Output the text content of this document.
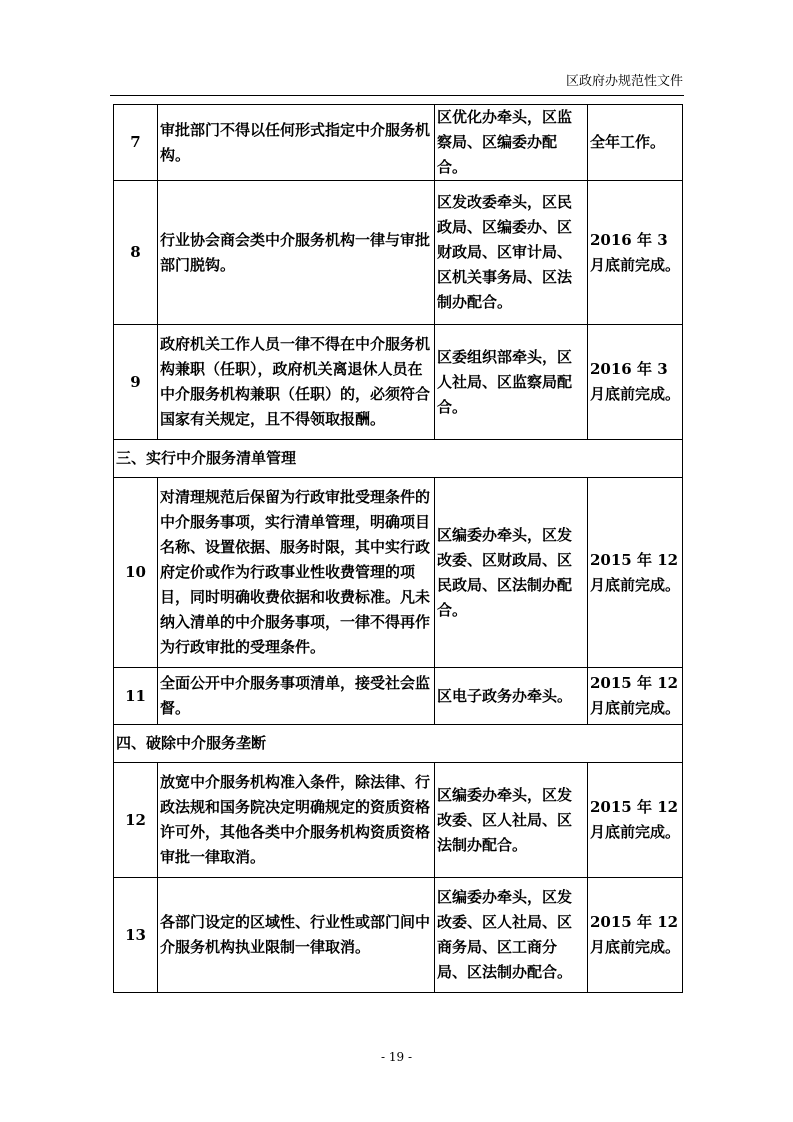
区政府办规范性文件
7	审批部门不得以任何形式指定中介服务机构。	区优化办牵头，区监察局、区编委办配合。	全年工作。
8	行业协会商会类中介服务机构一律与审批部门脱钩。	区发改委牵头，区民政局、区编委办、区财政局、区审计局、区机关事务局、区法制办配合。	2016 年 3 月底前完成。
9	政府机关工作人员一律不得在中介服务机构兼职（任职），政府机关离退休人员在中介服务机构兼职（任职）的，必须符合国家有关规定，且不得领取报酬。	区委组织部牵头，区人社局、区监察局配合。	2016 年 3 月底前完成。
三、实行中介服务清单管理			
10	对清理规范后保留为行政审批受理条件的中介服务事项，实行清单管理，明确项目名称、设置依据、服务时限，其中实行政府定价或作为行政事业性收费管理的项目，同时明确收费依据和收费标准。凡未纳入清单的中介服务事项，一律不得再作为行政审批的受理条件。	区编委办牵头，区发改委、区财政局、区民政局、区法制办配合。	2015 年 12 月底前完成。
11	全面公开中介服务事项清单，接受社会监督。	区电子政务办牵头。	2015 年 12 月底前完成。
四、破除中介服务垄断			
12	放宽中介服务机构准入条件，除法律、行政法规和国务院决定明确规定的资质资格许可外，其他各类中介服务机构资质资格审批一律取消。	区编委办牵头，区发改委、区人社局、区法制办配合。	2015 年 12 月底前完成。
13	各部门设定的区域性、行业性或部门间中介服务机构执业限制一律取消。	区编委办牵头，区发改委、区人社局、区商务局、区工商分局、区法制办配合。	2015 年 12 月底前完成。
- 19 -
